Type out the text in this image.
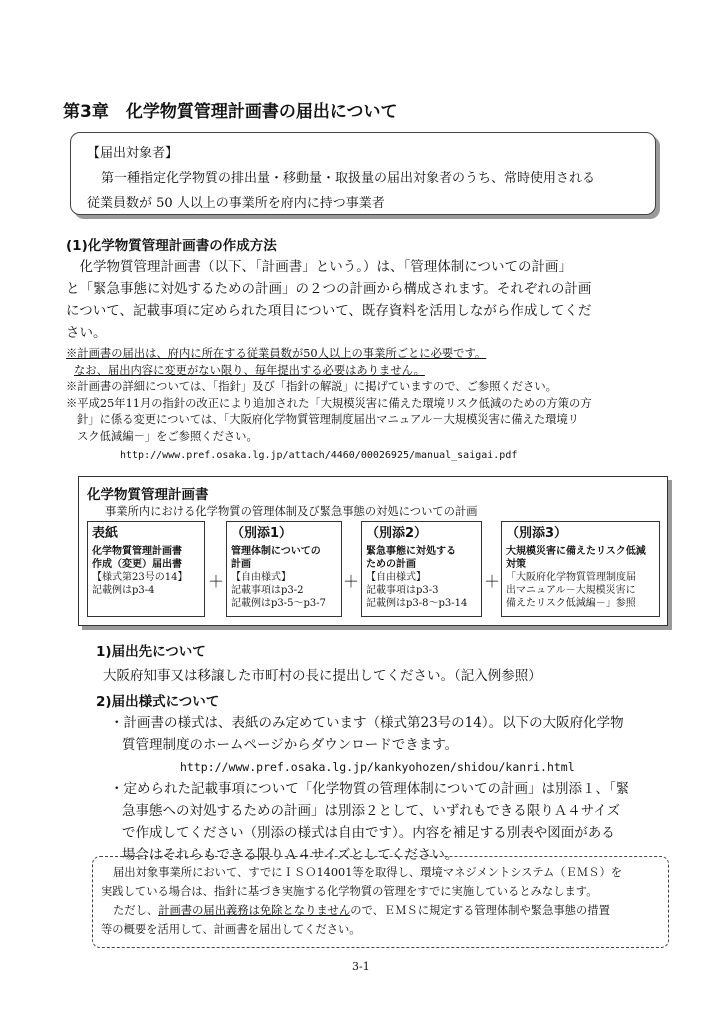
第3章　化学物質管理計画書の届出について

【届出対象者】

第一種指定化学物質の排出量・移動量・取扱量の届出対象者のうち、常時使用される

従業員数が 50 人以上の事業所を府内に持つ事業者

(1)化学物質管理計画書の作成方法

　化学物質管理計画書（以下、「計画書」という。）は、「管理体制についての計画」

と「緊急事態に対処するための計画」の２つの計画から構成されます。それぞれの計画

について、記載事項に定められた項目について、既存資料を活用しながら作成してくだ

さい。

※計画書の届出は、府内に所在する従業員数が50人以上の事業所ごとに必要です。

なお、届出内容に変更がない限り、毎年提出する必要はありません。

※計画書の詳細については、「指針」及び「指針の解説」に掲げていますので、ご参照ください。

※平成25年11月の指針の改正により追加された「大規模災害に備えた環境リスク低減のための方策の方

針」に係る変更については、「大阪府化学物質管理制度届出マニュアル－大規模災害に備えた環境リ

スク低減編－」をご参照ください。

http://www.pref.osaka.lg.jp/attach/4460/00026925/manual_saigai.pdf

化学物質管理計画書
事業所内における化学物質の管理体制及び緊急事態の対処についての計画
表紙
化学物質管理計画書
作成（変更）届出書
【様式第23号の14】
記載例はp3-4	＋
（別添1）
管理体制についての
計画
【自由様式】
記載事項はp3-2
記載例はp3-5～p3-7
＋
（別添2）
緊急事態に対処する
ための計画
【自由様式】
記載事項はp3-3
記載例はp3-8～p3-14
＋
（別添3）
大規模災害に備えたリスク低減
対策
「大阪府化学物質管理制度届
出マニュアル－大規模災害に
備えたリスク低減編－」参照
1)届出先について
大阪府知事又は移譲した市町村の長に提出してください。（記入例参照）
2)届出様式について

・計画書の様式は、表紙のみ定めています（様式第23号の14）。以下の大阪府化学物

質管理制度のホームページからダウンロードできます。

http://www.pref.osaka.lg.jp/kankyohozen/shidou/kanri.html

・定められた記載事項について「化学物質の管理体制についての計画」は別添１、「緊

急事態への対処するための計画」は別添２として、いずれもできる限りＡ４サイズ

で作成してください（別添の様式は自由です）。内容を補足する別表や図面がある

場合はそれらもできる限りＡ４サイズとしてください。

届出対象事業所において、すでにＩＳＯ14001等を取得し、環境マネジメントシステム（ＥＭＳ）を

実践している場合は、指針に基づき実施する化学物質の管理をすでに実施しているとみなします。

ただし、計画書の届出義務は免除となりませんので、ＥＭＳに規定する管理体制や緊急事態の措置

等の概要を活用して、計画書を届出してください。

3-1
